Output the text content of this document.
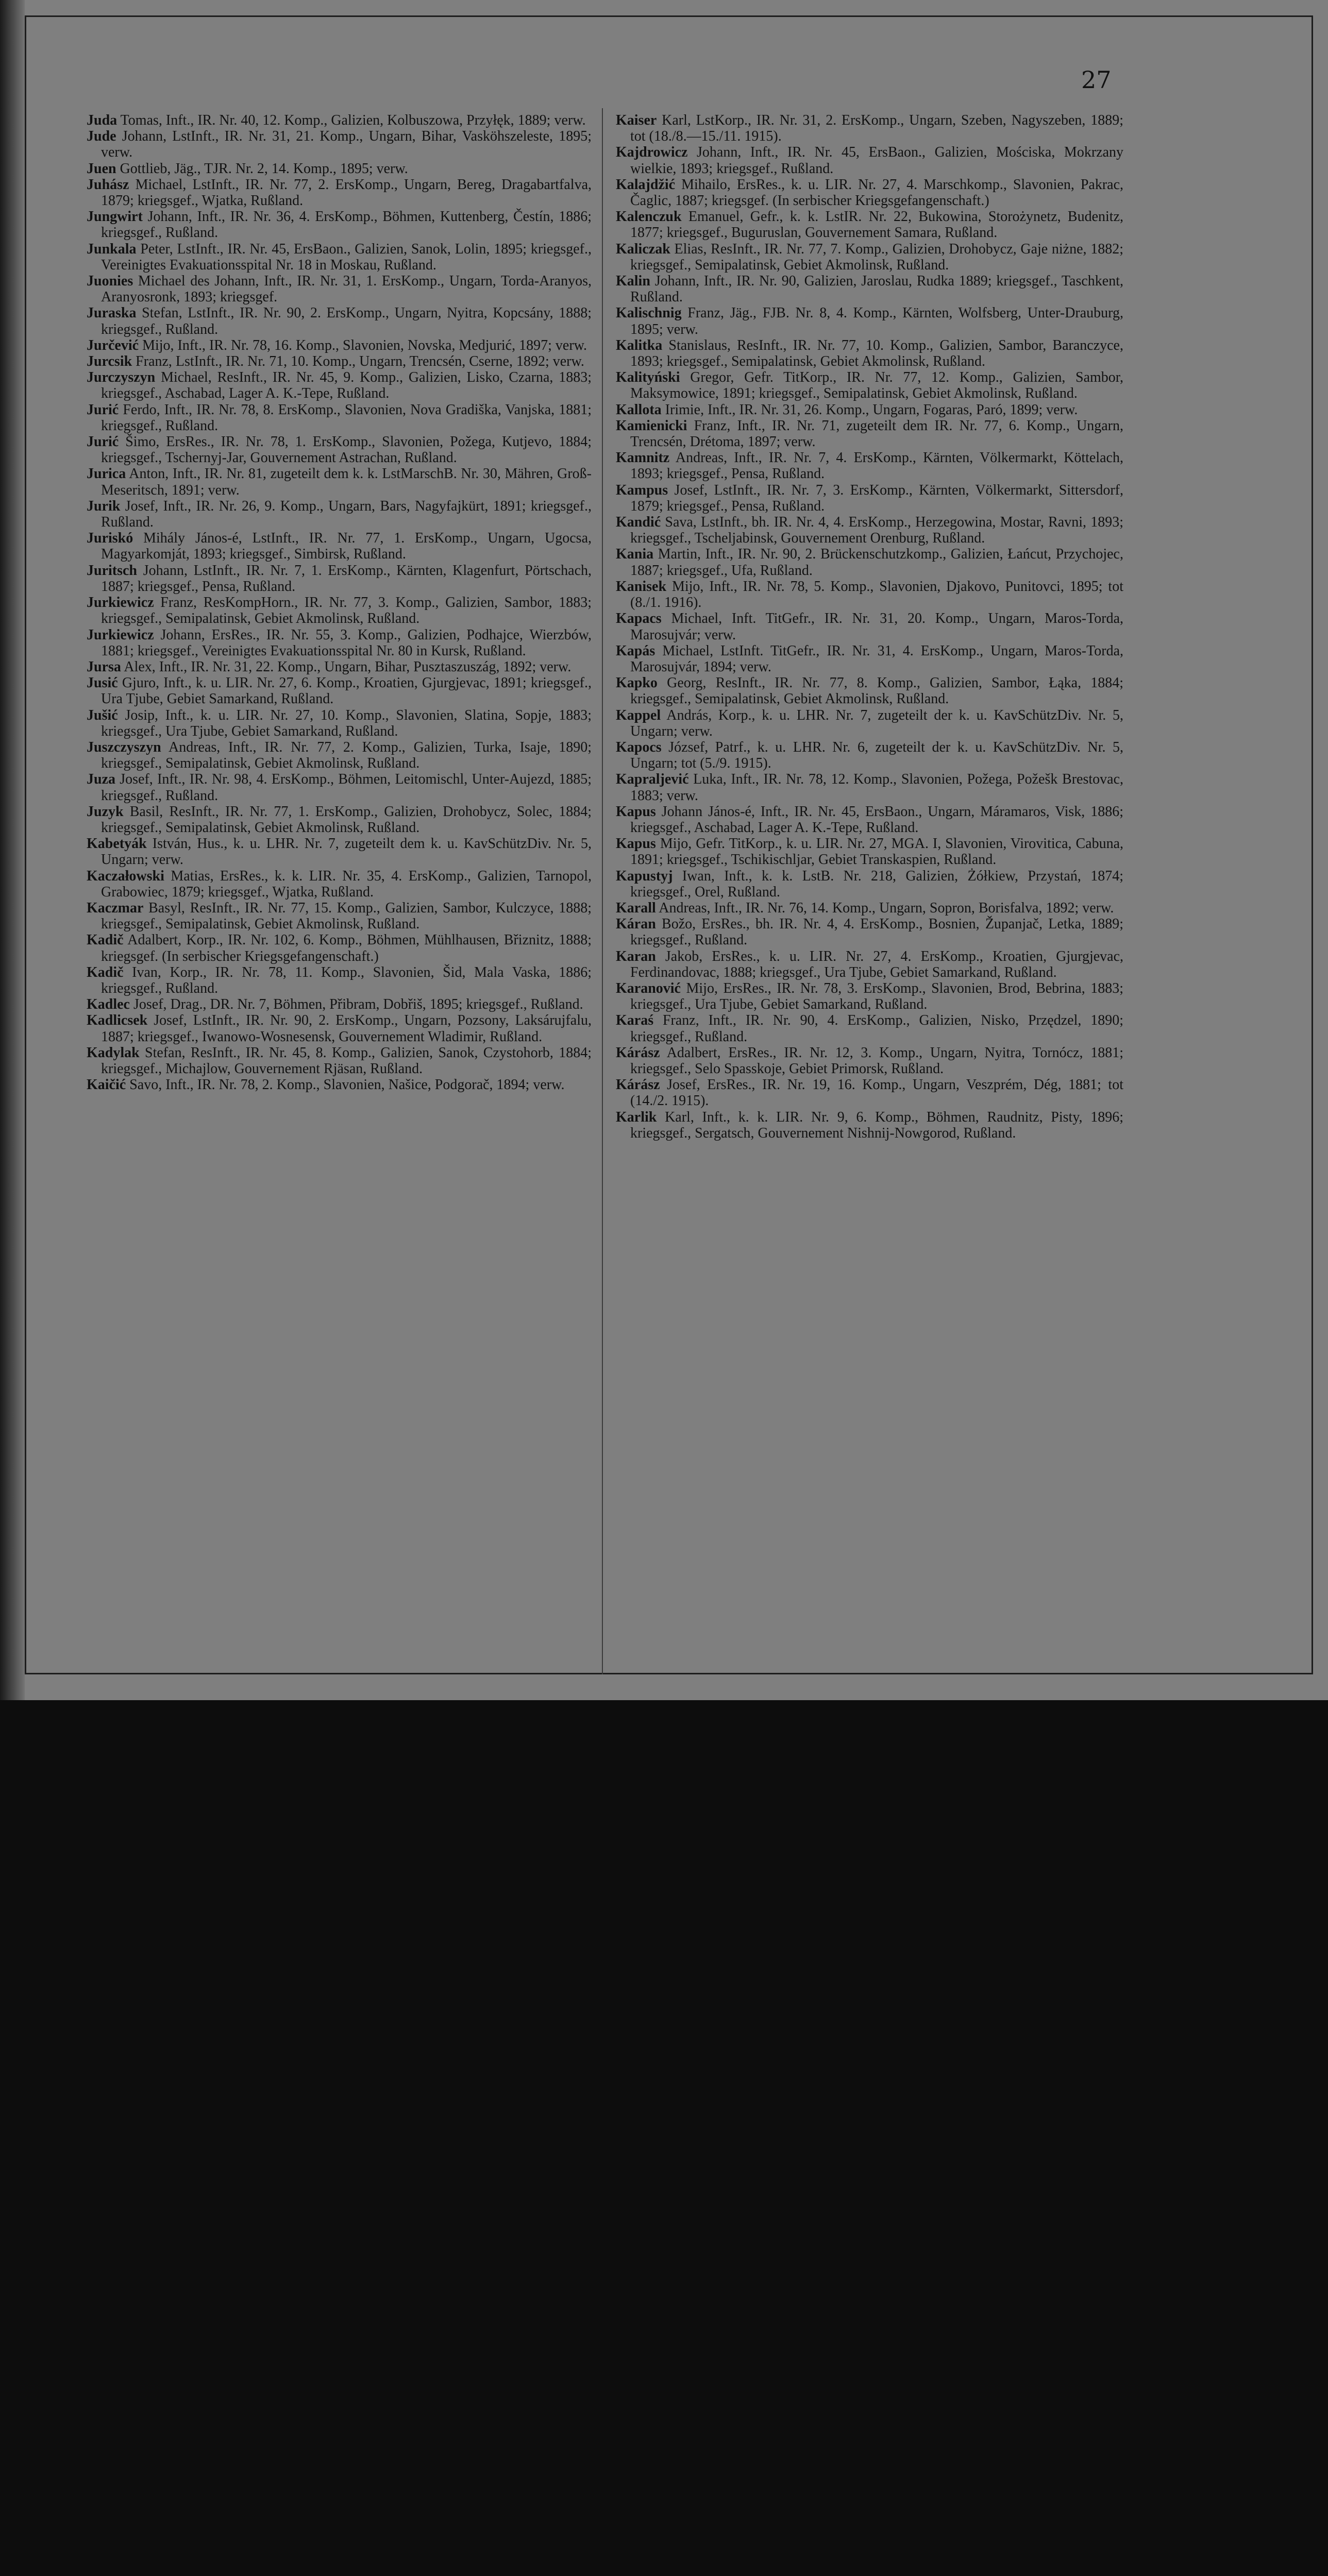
27

Juda Tomas, Inft., IR. Nr. 40, 12. Komp., Galizien, Kolbuszowa, Przyłęk, 1889; verw.

Jude Johann, LstInft., IR. Nr. 31, 21. Komp., Ungarn, Bihar, Vasköhszeleste, 1895; verw.

Juen Gottlieb, Jäg., TJR. Nr. 2, 14. Komp., 1895; verw.

Juhász Michael, LstInft., IR. Nr. 77, 2. ErsKomp., Ungarn, Bereg, Dragabartfalva, 1879; kriegsgef., Wjatka, Rußland.

Jungwirt Johann, Inft., IR. Nr. 36, 4. ErsKomp., Böhmen, Kuttenberg, Čestín, 1886; kriegsgef., Rußland.

Junkala Peter, LstInft., IR. Nr. 45, ErsBaon., Galizien, Sanok, Lolin, 1895; kriegsgef., Vereinigtes Evakuationsspital Nr. 18 in Moskau, Rußland.

Juonies Michael des Johann, Inft., IR. Nr. 31, 1. ErsKomp., Ungarn, Torda-Aranyos, Aranyosronk, 1893; kriegsgef.

Juraska Stefan, LstInft., IR. Nr. 90, 2. ErsKomp., Ungarn, Nyitra, Kopcsány, 1888; kriegsgef., Rußland.

Jurčević Mijo, Inft., IR. Nr. 78, 16. Komp., Slavonien, Novska, Medjurić, 1897; verw.

Jurcsik Franz, LstInft., IR. Nr. 71, 10. Komp., Ungarn, Trencsén, Cserne, 1892; verw.

Jurczyszyn Michael, ResInft., IR. Nr. 45, 9. Komp., Galizien, Lisko, Czarna, 1883; kriegsgef., Aschabad, Lager A. K.-Tepe, Rußland.

Jurić Ferdo, Inft., IR. Nr. 78, 8. ErsKomp., Slavonien, Nova Gradiška, Vanjska, 1881; kriegsgef., Rußland.

Jurić Šimo, ErsRes., IR. Nr. 78, 1. ErsKomp., Slavonien, Požega, Kutjevo, 1884; kriegsgef., Tschernyj-Jar, Gouvernement Astrachan, Rußland.

Jurica Anton, Inft., IR. Nr. 81, zugeteilt dem k. k. LstMarschB. Nr. 30, Mähren, Groß-Meseritsch, 1891; verw.

Jurik Josef, Inft., IR. Nr. 26, 9. Komp., Ungarn, Bars, Nagyfajkürt, 1891; kriegsgef., Rußland.

Juriskó Mihály János-é, LstInft., IR. Nr. 77, 1. ErsKomp., Ungarn, Ugocsa, Magyarkomját, 1893; kriegsgef., Simbirsk, Rußland.

Juritsch Johann, LstInft., IR. Nr. 7, 1. ErsKomp., Kärnten, Klagenfurt, Pörtschach, 1887; kriegsgef., Pensa, Rußland.

Jurkiewicz Franz, ResKompHorn., IR. Nr. 77, 3. Komp., Galizien, Sambor, 1883; kriegsgef., Semipalatinsk, Gebiet Akmolinsk, Rußland.

Jurkiewicz Johann, ErsRes., IR. Nr. 55, 3. Komp., Galizien, Podhajce, Wierzbów, 1881; kriegsgef., Vereinigtes Evakuationsspital Nr. 80 in Kursk, Rußland.

Jursa Alex, Inft., IR. Nr. 31, 22. Komp., Ungarn, Bihar, Pusztaszuszág, 1892; verw.

Jusić Gjuro, Inft., k. u. LIR. Nr. 27, 6. Komp., Kroatien, Gjurgjevac, 1891; kriegsgef., Ura Tjube, Gebiet Samarkand, Rußland.

Jušić Josip, Inft., k. u. LIR. Nr. 27, 10. Komp., Slavonien, Slatina, Sopje, 1883; kriegsgef., Ura Tjube, Gebiet Samarkand, Rußland.

Juszczyszyn Andreas, Inft., IR. Nr. 77, 2. Komp., Galizien, Turka, Isaje, 1890; kriegsgef., Semipalatinsk, Gebiet Akmolinsk, Rußland.

Juza Josef, Inft., IR. Nr. 98, 4. ErsKomp., Böhmen, Leitomischl, Unter-Aujezd, 1885; kriegsgef., Rußland.

Juzyk Basil, ResInft., IR. Nr. 77, 1. ErsKomp., Galizien, Drohobycz, Solec, 1884; kriegsgef., Semipalatinsk, Gebiet Akmolinsk, Rußland.

Kabetyák István, Hus., k. u. LHR. Nr. 7, zugeteilt dem k. u. KavSchützDiv. Nr. 5, Ungarn; verw.

Kaczałowski Matias, ErsRes., k. k. LIR. Nr. 35, 4. ErsKomp., Galizien, Tarnopol, Grabowiec, 1879; kriegsgef., Wjatka, Rußland.

Kaczmar Basyl, ResInft., IR. Nr. 77, 15. Komp., Galizien, Sambor, Kulczyce, 1888; kriegsgef., Semipalatinsk, Gebiet Akmolinsk, Rußland.

Kadič Adalbert, Korp., IR. Nr. 102, 6. Komp., Böhmen, Mühlhausen, Břiznitz, 1888; kriegsgef. (In serbischer Kriegsgefangenschaft.)

Kadič Ivan, Korp., IR. Nr. 78, 11. Komp., Slavonien, Šid, Mala Vaska, 1886; kriegsgef., Rußland.

Kadlec Josef, Drag., DR. Nr. 7, Böhmen, Přibram, Dobřiš, 1895; kriegsgef., Rußland.

Kadlicsek Josef, LstInft., IR. Nr. 90, 2. ErsKomp., Ungarn, Pozsony, Laksárujfalu, 1887; kriegsgef., Iwanowo-Wosnesensk, Gouvernement Wladimir, Rußland.

Kadylak Stefan, ResInft., IR. Nr. 45, 8. Komp., Galizien, Sanok, Czystohorb, 1884; kriegsgef., Michajlow, Gouvernement Rjäsan, Rußland.

Kaičić Savo, Inft., IR. Nr. 78, 2. Komp., Slavonien, Našice, Podgorač, 1894; verw.

Kaiser Karl, LstKorp., IR. Nr. 31, 2. ErsKomp., Ungarn, Szeben, Nagyszeben, 1889; tot (18./8.—15./11. 1915).

Kajdrowicz Johann, Inft., IR. Nr. 45, ErsBaon., Galizien, Mościska, Mokrzany wielkie, 1893; kriegsgef., Rußland.

Kalajdžić Mihailo, ErsRes., k. u. LIR. Nr. 27, 4. Marschkomp., Slavonien, Pakrac, Čaglic, 1887; kriegsgef. (In serbischer Kriegsgefangenschaft.)

Kalenczuk Emanuel, Gefr., k. k. LstIR. Nr. 22, Bukowina, Storożynetz, Budenitz, 1877; kriegsgef., Buguruslan, Gouvernement Samara, Rußland.

Kaliczak Elias, ResInft., IR. Nr. 77, 7. Komp., Galizien, Drohobycz, Gaje niżne, 1882; kriegsgef., Semipalatinsk, Gebiet Akmolinsk, Rußland.

Kalin Johann, Inft., IR. Nr. 90, Galizien, Jaroslau, Rudka 1889; kriegsgef., Taschkent, Rußland.

Kalischnig Franz, Jäg., FJB. Nr. 8, 4. Komp., Kärnten, Wolfsberg, Unter-Drauburg, 1895; verw.

Kalitka Stanislaus, ResInft., IR. Nr. 77, 10. Komp., Galizien, Sambor, Baranczyce, 1893; kriegsgef., Semipalatinsk, Gebiet Akmolinsk, Rußland.

Kalityński Gregor, Gefr. TitKorp., IR. Nr. 77, 12. Komp., Galizien, Sambor, Maksymowice, 1891; kriegsgef., Semipalatinsk, Gebiet Akmolinsk, Rußland.

Kallota Irimie, Inft., IR. Nr. 31, 26. Komp., Ungarn, Fogaras, Paró, 1899; verw.

Kamienicki Franz, Inft., IR. Nr. 71, zugeteilt dem IR. Nr. 77, 6. Komp., Ungarn, Trencsén, Drétoma, 1897; verw.

Kamnitz Andreas, Inft., IR. Nr. 7, 4. ErsKomp., Kärnten, Völkermarkt, Köttelach, 1893; kriegsgef., Pensa, Rußland.

Kampus Josef, LstInft., IR. Nr. 7, 3. ErsKomp., Kärnten, Völkermarkt, Sittersdorf, 1879; kriegsgef., Pensa, Rußland.

Kandić Sava, LstInft., bh. IR. Nr. 4, 4. ErsKomp., Herzegowina, Mostar, Ravni, 1893; kriegsgef., Tscheljabinsk, Gouvernement Orenburg, Rußland.

Kania Martin, Inft., IR. Nr. 90, 2. Brückenschutzkomp., Galizien, Łańcut, Przychojec, 1887; kriegsgef., Ufa, Rußland.

Kanisek Mijo, Inft., IR. Nr. 78, 5. Komp., Slavonien, Djakovo, Punitovci, 1895; tot (8./1. 1916).

Kapacs Michael, Inft. TitGefr., IR. Nr. 31, 20. Komp., Ungarn, Maros-Torda, Marosujvár; verw.

Kapás Michael, LstInft. TitGefr., IR. Nr. 31, 4. ErsKomp., Ungarn, Maros-Torda, Marosujvár, 1894; verw.

Kapko Georg, ResInft., IR. Nr. 77, 8. Komp., Galizien, Sambor, Łąka, 1884; kriegsgef., Semipalatinsk, Gebiet Akmolinsk, Rußland.

Kappel András, Korp., k. u. LHR. Nr. 7, zugeteilt der k. u. KavSchützDiv. Nr. 5, Ungarn; verw.

Kapocs József, Patrf., k. u. LHR. Nr. 6, zugeteilt der k. u. KavSchützDiv. Nr. 5, Ungarn; tot (5./9. 1915).

Kapraljević Luka, Inft., IR. Nr. 78, 12. Komp., Slavonien, Požega, Požešk Brestovac, 1883; verw.

Kapus Johann János-é, Inft., IR. Nr. 45, ErsBaon., Ungarn, Máramaros, Visk, 1886; kriegsgef., Aschabad, Lager A. K.-Tepe, Rußland.

Kapus Mijo, Gefr. TitKorp., k. u. LIR. Nr. 27, MGA. I, Slavonien, Virovitica, Cabuna, 1891; kriegsgef., Tschikischljar, Gebiet Transkaspien, Rußland.

Kapustyj Iwan, Inft., k. k. LstB. Nr. 218, Galizien, Żółkiew, Przystań, 1874; kriegsgef., Orel, Rußland.

Karall Andreas, Inft., IR. Nr. 76, 14. Komp., Ungarn, Sopron, Borisfalva, 1892; verw.

Káran Božo, ErsRes., bh. IR. Nr. 4, 4. ErsKomp., Bosnien, Županjač, Letka, 1889; kriegsgef., Rußland.

Karan Jakob, ErsRes., k. u. LIR. Nr. 27, 4. ErsKomp., Kroatien, Gjurgjevac, Ferdinandovac, 1888; kriegsgef., Ura Tjube, Gebiet Samarkand, Rußland.

Karanović Mijo, ErsRes., IR. Nr. 78, 3. ErsKomp., Slavonien, Brod, Bebrina, 1883; kriegsgef., Ura Tjube, Gebiet Samarkand, Rußland.

Karaś Franz, Inft., IR. Nr. 90, 4. ErsKomp., Galizien, Nisko, Przędzel, 1890; kriegsgef., Rußland.

Kárász Adalbert, ErsRes., IR. Nr. 12, 3. Komp., Ungarn, Nyitra, Tornócz, 1881; kriegsgef., Selo Spasskoje, Gebiet Primorsk, Rußland.

Kárász Josef, ErsRes., IR. Nr. 19, 16. Komp., Ungarn, Veszprém, Dég, 1881; tot (14./2. 1915).

Karlik Karl, Inft., k. k. LIR. Nr. 9, 6. Komp., Böhmen, Raudnitz, Pisty, 1896; kriegsgef., Sergatsch, Gouvernement Nishnij-Nowgorod, Rußland.
